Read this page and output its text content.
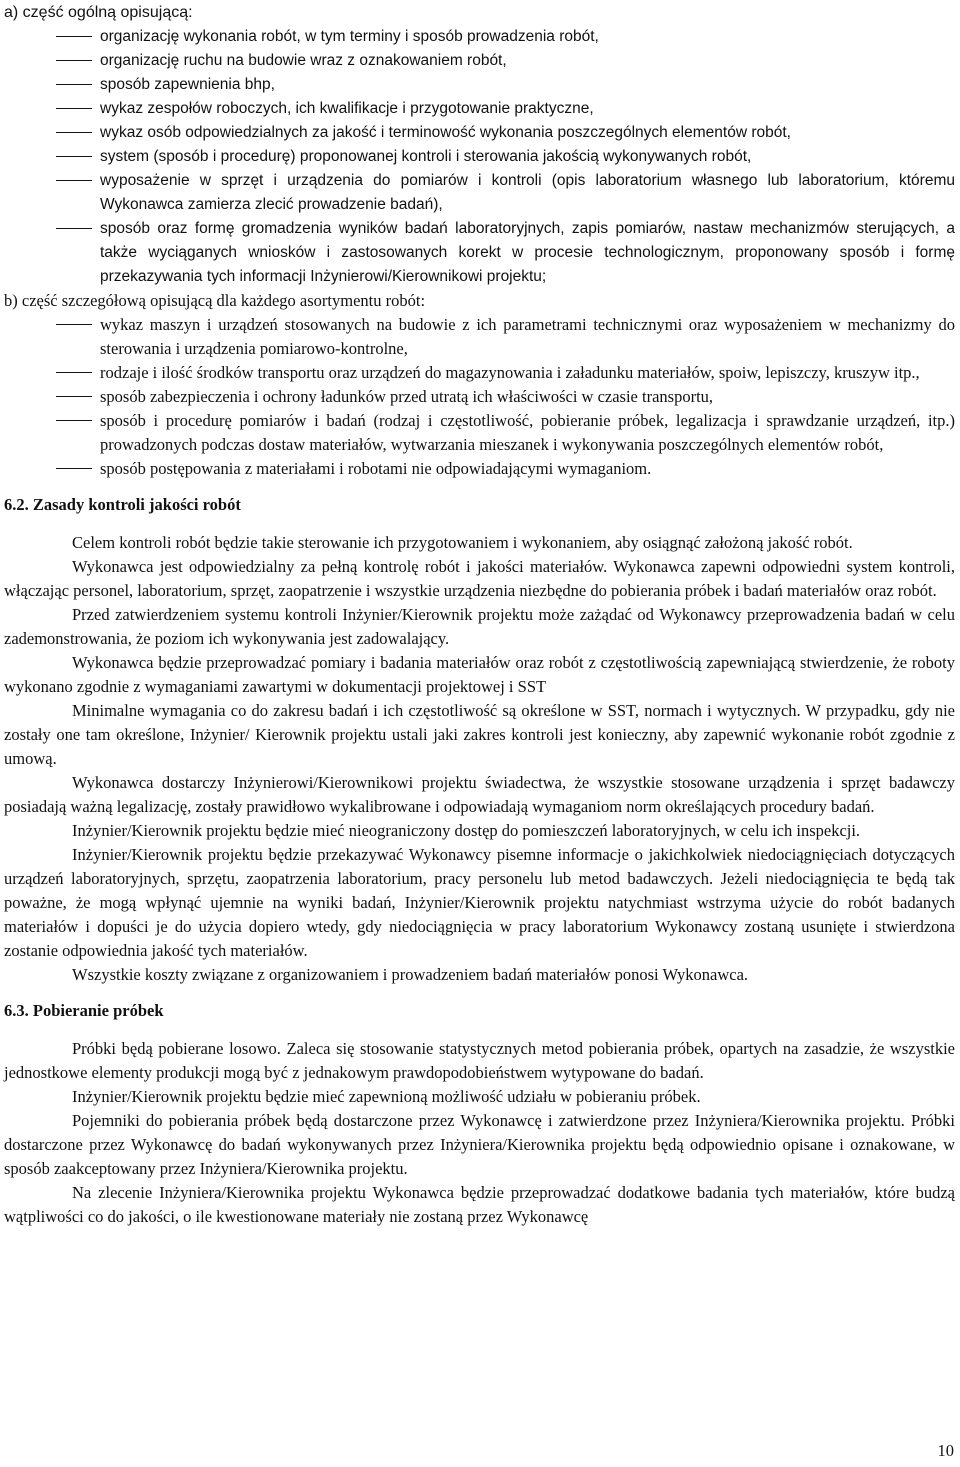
a) część ogólną opisującą:

organizację wykonania robót, w tym terminy i sposób prowadzenia robót,
organizację ruchu na budowie wraz z oznakowaniem robót,
sposób zapewnienia bhp,
wykaz zespołów roboczych, ich kwalifikacje i przygotowanie praktyczne,
wykaz osób odpowiedzialnych za jakość i terminowość wykonania poszczególnych elementów robót,
system (sposób i procedurę) proponowanej kontroli i sterowania jakością wykonywanych robót,
wyposażenie w sprzęt i urządzenia do pomiarów i kontroli (opis laboratorium własnego lub laboratorium, któremu Wykonawca zamierza zlecić prowadzenie badań),
sposób oraz formę gromadzenia wyników badań laboratoryjnych, zapis pomiarów, nastaw mechanizmów sterujących, a także wyciąganych wniosków i zastosowanych korekt w procesie technologicznym, proponowany sposób i formę przekazywania tych informacji Inżynierowi/Kierownikowi projektu;

b) część szczegółową opisującą dla każdego asortymentu robót:

wykaz maszyn i urządzeń stosowanych na budowie z ich parametrami technicznymi oraz wyposażeniem w mechanizmy do sterowania i urządzenia pomiarowo-kontrolne,
rodzaje i ilość środków transportu oraz urządzeń do magazynowania i załadunku materiałów, spoiw, lepiszczy, kruszyw itp.,
sposób zabezpieczenia i ochrony ładunków przed utratą ich właściwości w czasie transportu,
sposób i procedurę pomiarów i badań (rodzaj i częstotliwość, pobieranie próbek, legalizacja i sprawdzanie urządzeń, itp.) prowadzonych podczas dostaw materiałów, wytwarzania mieszanek i wykonywania poszczególnych elementów robót,
sposób postępowania z materiałami i robotami nie odpowiadającymi wymaganiom.
6.2. Zasady kontroli jakości robót

Celem kontroli robót będzie takie sterowanie ich przygotowaniem i wykonaniem, aby osiągnąć założoną jakość robót.

Wykonawca jest odpowiedzialny za pełną kontrolę robót i jakości materiałów. Wykonawca zapewni odpowiedni system kontroli, włączając personel, laboratorium, sprzęt, zaopatrzenie i wszystkie urządzenia niezbędne do pobierania próbek i badań materiałów oraz robót.

Przed zatwierdzeniem systemu kontroli Inżynier/Kierownik projektu może zażądać od Wykonawcy przeprowadzenia badań w celu zademonstrowania, że poziom ich wykonywania jest zadowalający.

Wykonawca będzie przeprowadzać pomiary i badania materiałów oraz robót z częstotliwością zapewniającą stwierdzenie, że roboty wykonano zgodnie z wymaganiami zawartymi w dokumentacji projektowej i SST

Minimalne wymagania co do zakresu badań i ich częstotliwość są określone w SST, normach i wytycznych. W przypadku, gdy nie zostały one tam określone, Inżynier/ Kierownik projektu ustali jaki zakres kontroli jest konieczny, aby zapewnić wykonanie robót zgodnie z umową.

Wykonawca dostarczy Inżynierowi/Kierownikowi projektu świadectwa, że wszystkie stosowane urządzenia i sprzęt badawczy posiadają ważną legalizację, zostały prawidłowo wykalibrowane i odpowiadają wymaganiom norm określających procedury badań.

Inżynier/Kierownik projektu będzie mieć nieograniczony dostęp do pomieszczeń laboratoryjnych, w celu ich inspekcji.

Inżynier/Kierownik projektu będzie przekazywać Wykonawcy pisemne informacje o jakichkolwiek niedociągnięciach dotyczących urządzeń laboratoryjnych, sprzętu, zaopatrzenia laboratorium, pracy personelu lub metod badawczych. Jeżeli niedociągnięcia te będą tak poważne, że mogą wpłynąć ujemnie na wyniki badań, Inżynier/Kierownik projektu natychmiast wstrzyma użycie do robót badanych materiałów i dopuści je do użycia dopiero wtedy, gdy niedociągnięcia w pracy laboratorium Wykonawcy zostaną usunięte i stwierdzona zostanie odpowiednia jakość tych materiałów.

Wszystkie koszty związane z organizowaniem i prowadzeniem badań materiałów ponosi Wykonawca.

6.3. Pobieranie próbek

Próbki będą pobierane losowo. Zaleca się stosowanie statystycznych metod pobierania próbek, opartych na zasadzie, że wszystkie jednostkowe elementy produkcji mogą być z jednakowym prawdopodobieństwem wytypowane do badań.

Inżynier/Kierownik projektu będzie mieć zapewnioną możliwość udziału w pobieraniu próbek.

Pojemniki do pobierania próbek będą dostarczone przez Wykonawcę i zatwierdzone przez Inżyniera/Kierownika projektu. Próbki dostarczone przez Wykonawcę do badań wykonywanych przez Inżyniera/Kierownika projektu będą odpowiednio opisane i oznakowane, w sposób zaakceptowany przez Inżyniera/Kierownika projektu.

Na zlecenie Inżyniera/Kierownika projektu Wykonawca będzie przeprowadzać dodatkowe badania tych materiałów, które budzą wątpliwości co do jakości, o ile kwestionowane materiały nie zostaną przez Wykonawcę

10
